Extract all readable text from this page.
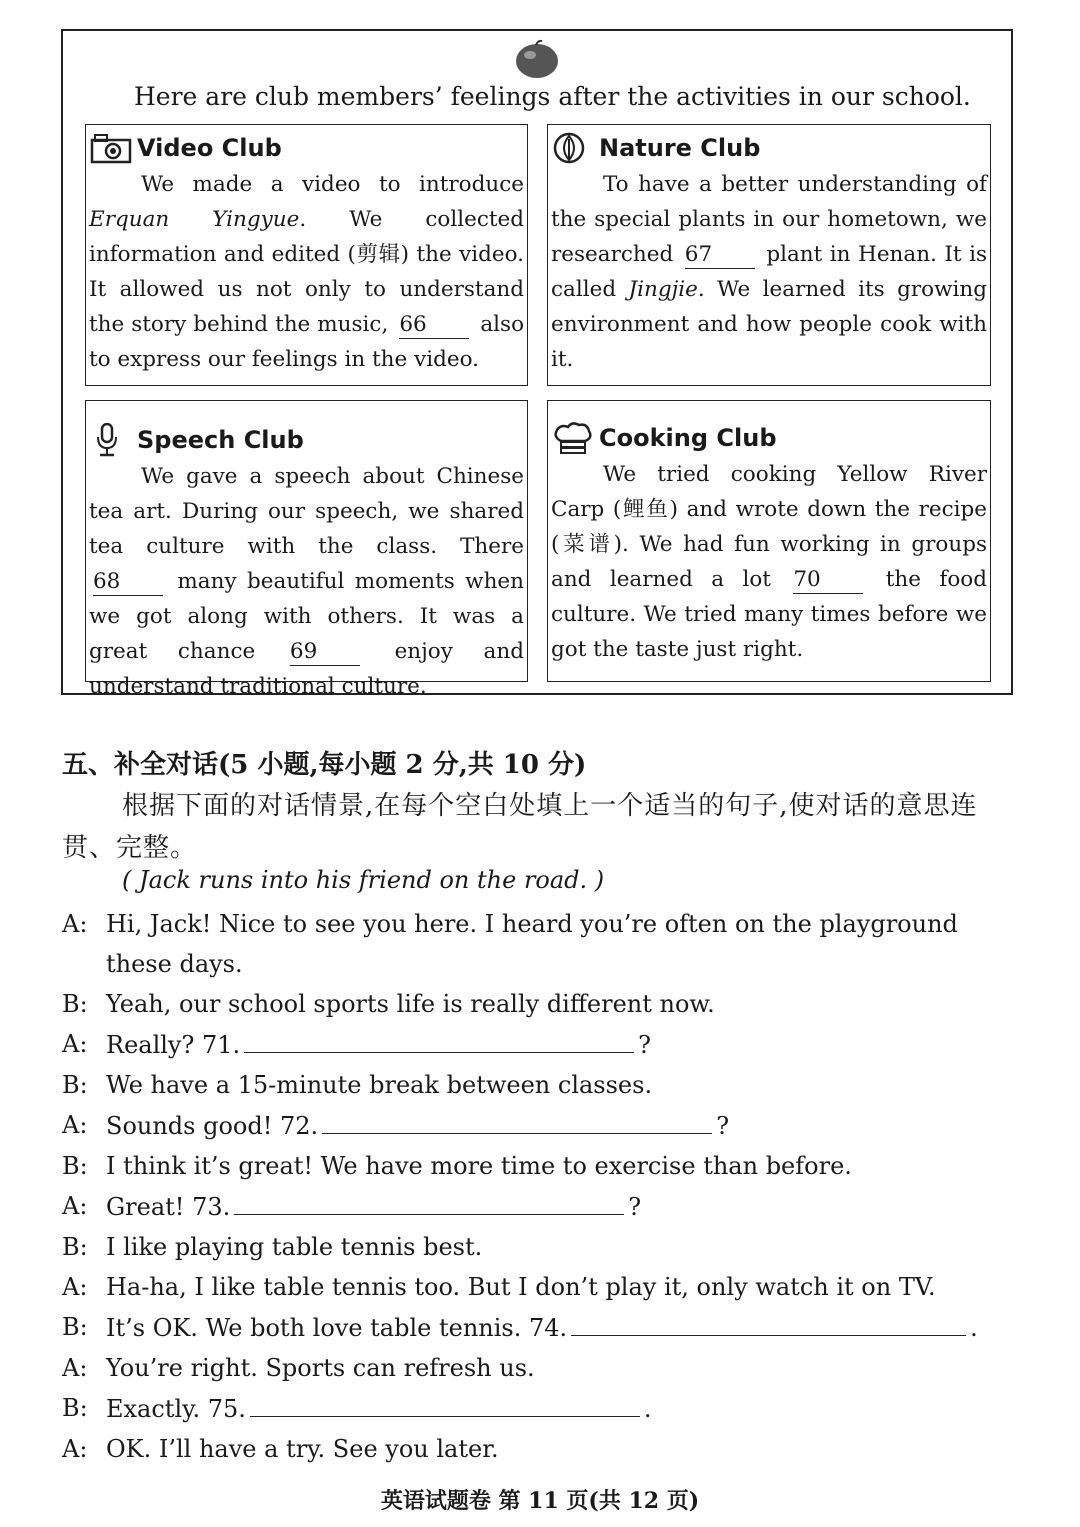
Here are club members’ feelings after the activities in our school.
Video Club
We made a video to introduce Erquan Yingyue. We collected information and edited (剪辑) the video. It allowed us not only to understand the story behind the music, 66 also to express our feelings in the video.
Nature Club
To have a better understanding of the special plants in our hometown, we researched 67	plant in Henan. It is called Jingjie. We learned its growing environment and how people cook with it.
Speech Club
We gave a speech about Chinese tea art. During our speech, we shared tea culture with the class. There 68	many beautiful moments when we got along with others. It was a great chance 69	enjoy and understand traditional culture.
Cooking Club
We tried cooking Yellow River Carp (鲤鱼) and wrote down the recipe (菜谱). We had fun working in groups and learned a lot 70	the food culture. We tried many times before we got the taste just right.
五、补全对话(5 小题,每小题 2 分,共 10 分)
根据下面的对话情景,在每个空白处填上一个适当的句子,使对话的意思连贯、完整。
( Jack runs into his friend on the road. )
A: Hi, Jack! Nice to see you here. I heard you’re often on the playground these days.
B: Yeah, our school sports life is really different now.
A: Really? 71.	?
B: We have a 15-minute break between classes.
A: Sounds good! 72.	?
B: I think it’s great! We have more time to exercise than before.
A: Great! 73.	?
B: I like playing table tennis best.
A: Ha-ha, I like table tennis too. But I don’t play it, only watch it on TV.
B: It’s OK. We both love table tennis. 74.	.
A: You’re right. Sports can refresh us.
B: Exactly. 75.	.
A: OK. I’ll have a try. See you later.
英语试题卷 第 11 页(共 12 页)
